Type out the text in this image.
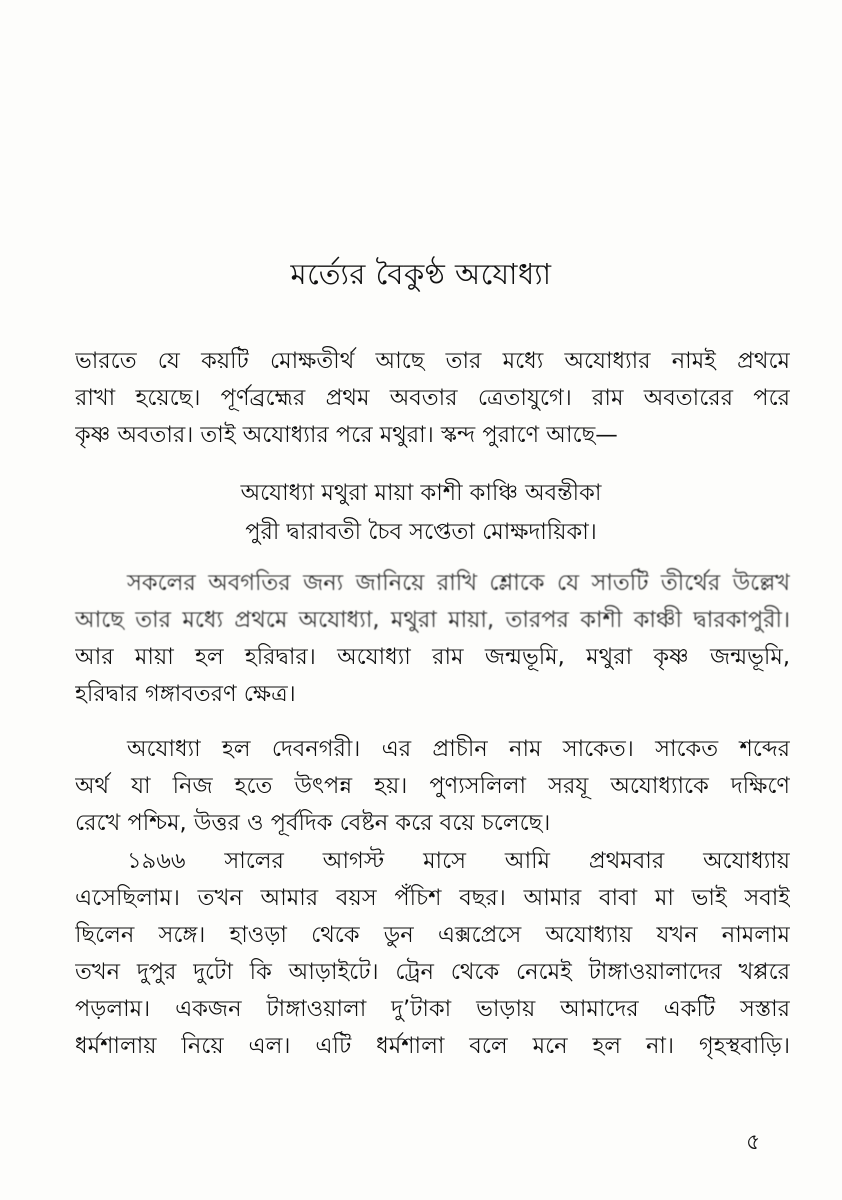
মর্ত্যের বৈকুণ্ঠ অযোধ্যা
ভারতে যে কয়টি মোক্ষতীর্থ আছে তার মধ্যে অযোধ্যার নামই প্রথমে
রাখা হয়েছে। পূর্ণব্রহ্মের প্রথম অবতার ত্রেতাযুগে। রাম অবতারের পরে
কৃষ্ণ অবতার। তাই অযোধ্যার পরে মথুরা। স্কন্দ পুরাণে আছে—
অযোধ্যা মথুরা মায়া কাশী কাঞ্চি অবন্তীকা
পুরী দ্বারাবতী চৈব সপ্তেতা মোক্ষদায়িকা।
সকলের অবগতির জন্য জানিয়ে রাখি শ্লোকে যে সাতটি তীর্থের উল্লেখ
আছে তার মধ্যে প্রথমে অযোধ্যা, মথুরা মায়া, তারপর কাশী কাঞ্চী দ্বারকাপুরী।
আর মায়া হল হরিদ্বার। অযোধ্যা রাম জন্মভূমি, মথুরা কৃষ্ণ জন্মভূমি,
হরিদ্বার গঙ্গাবতরণ ক্ষেত্র।
অযোধ্যা হল দেবনগরী। এর প্রাচীন নাম সাকেত। সাকেত শব্দের
অর্থ যা নিজ হতে উৎপন্ন হয়। পুণ্যসলিলা সরযূ অযোধ্যাকে দক্ষিণে
রেখে পশ্চিম, উত্তর ও পূর্বদিক বেষ্টন করে বয়ে চলেছে।
১৯৬৬ সালের আগস্ট মাসে আমি প্রথমবার অযোধ্যায়
এসেছিলাম। তখন আমার বয়স পঁচিশ বছর। আমার বাবা মা ভাই সবাই
ছিলেন সঙ্গে। হাওড়া থেকে ডুন এক্সপ্রেসে অযোধ্যায় যখন নামলাম
তখন দুপুর দুটো কি আড়াইটে। ট্রেন থেকে নেমেই টাঙ্গাওয়ালাদের খপ্পরে
পড়লাম। একজন টাঙ্গাওয়ালা দু’টাকা ভাড়ায় আমাদের একটি সস্তার
ধর্মশালায় নিয়ে এল। এটি ধর্মশালা বলে মনে হল না। গৃহস্থবাড়ি।
৫
